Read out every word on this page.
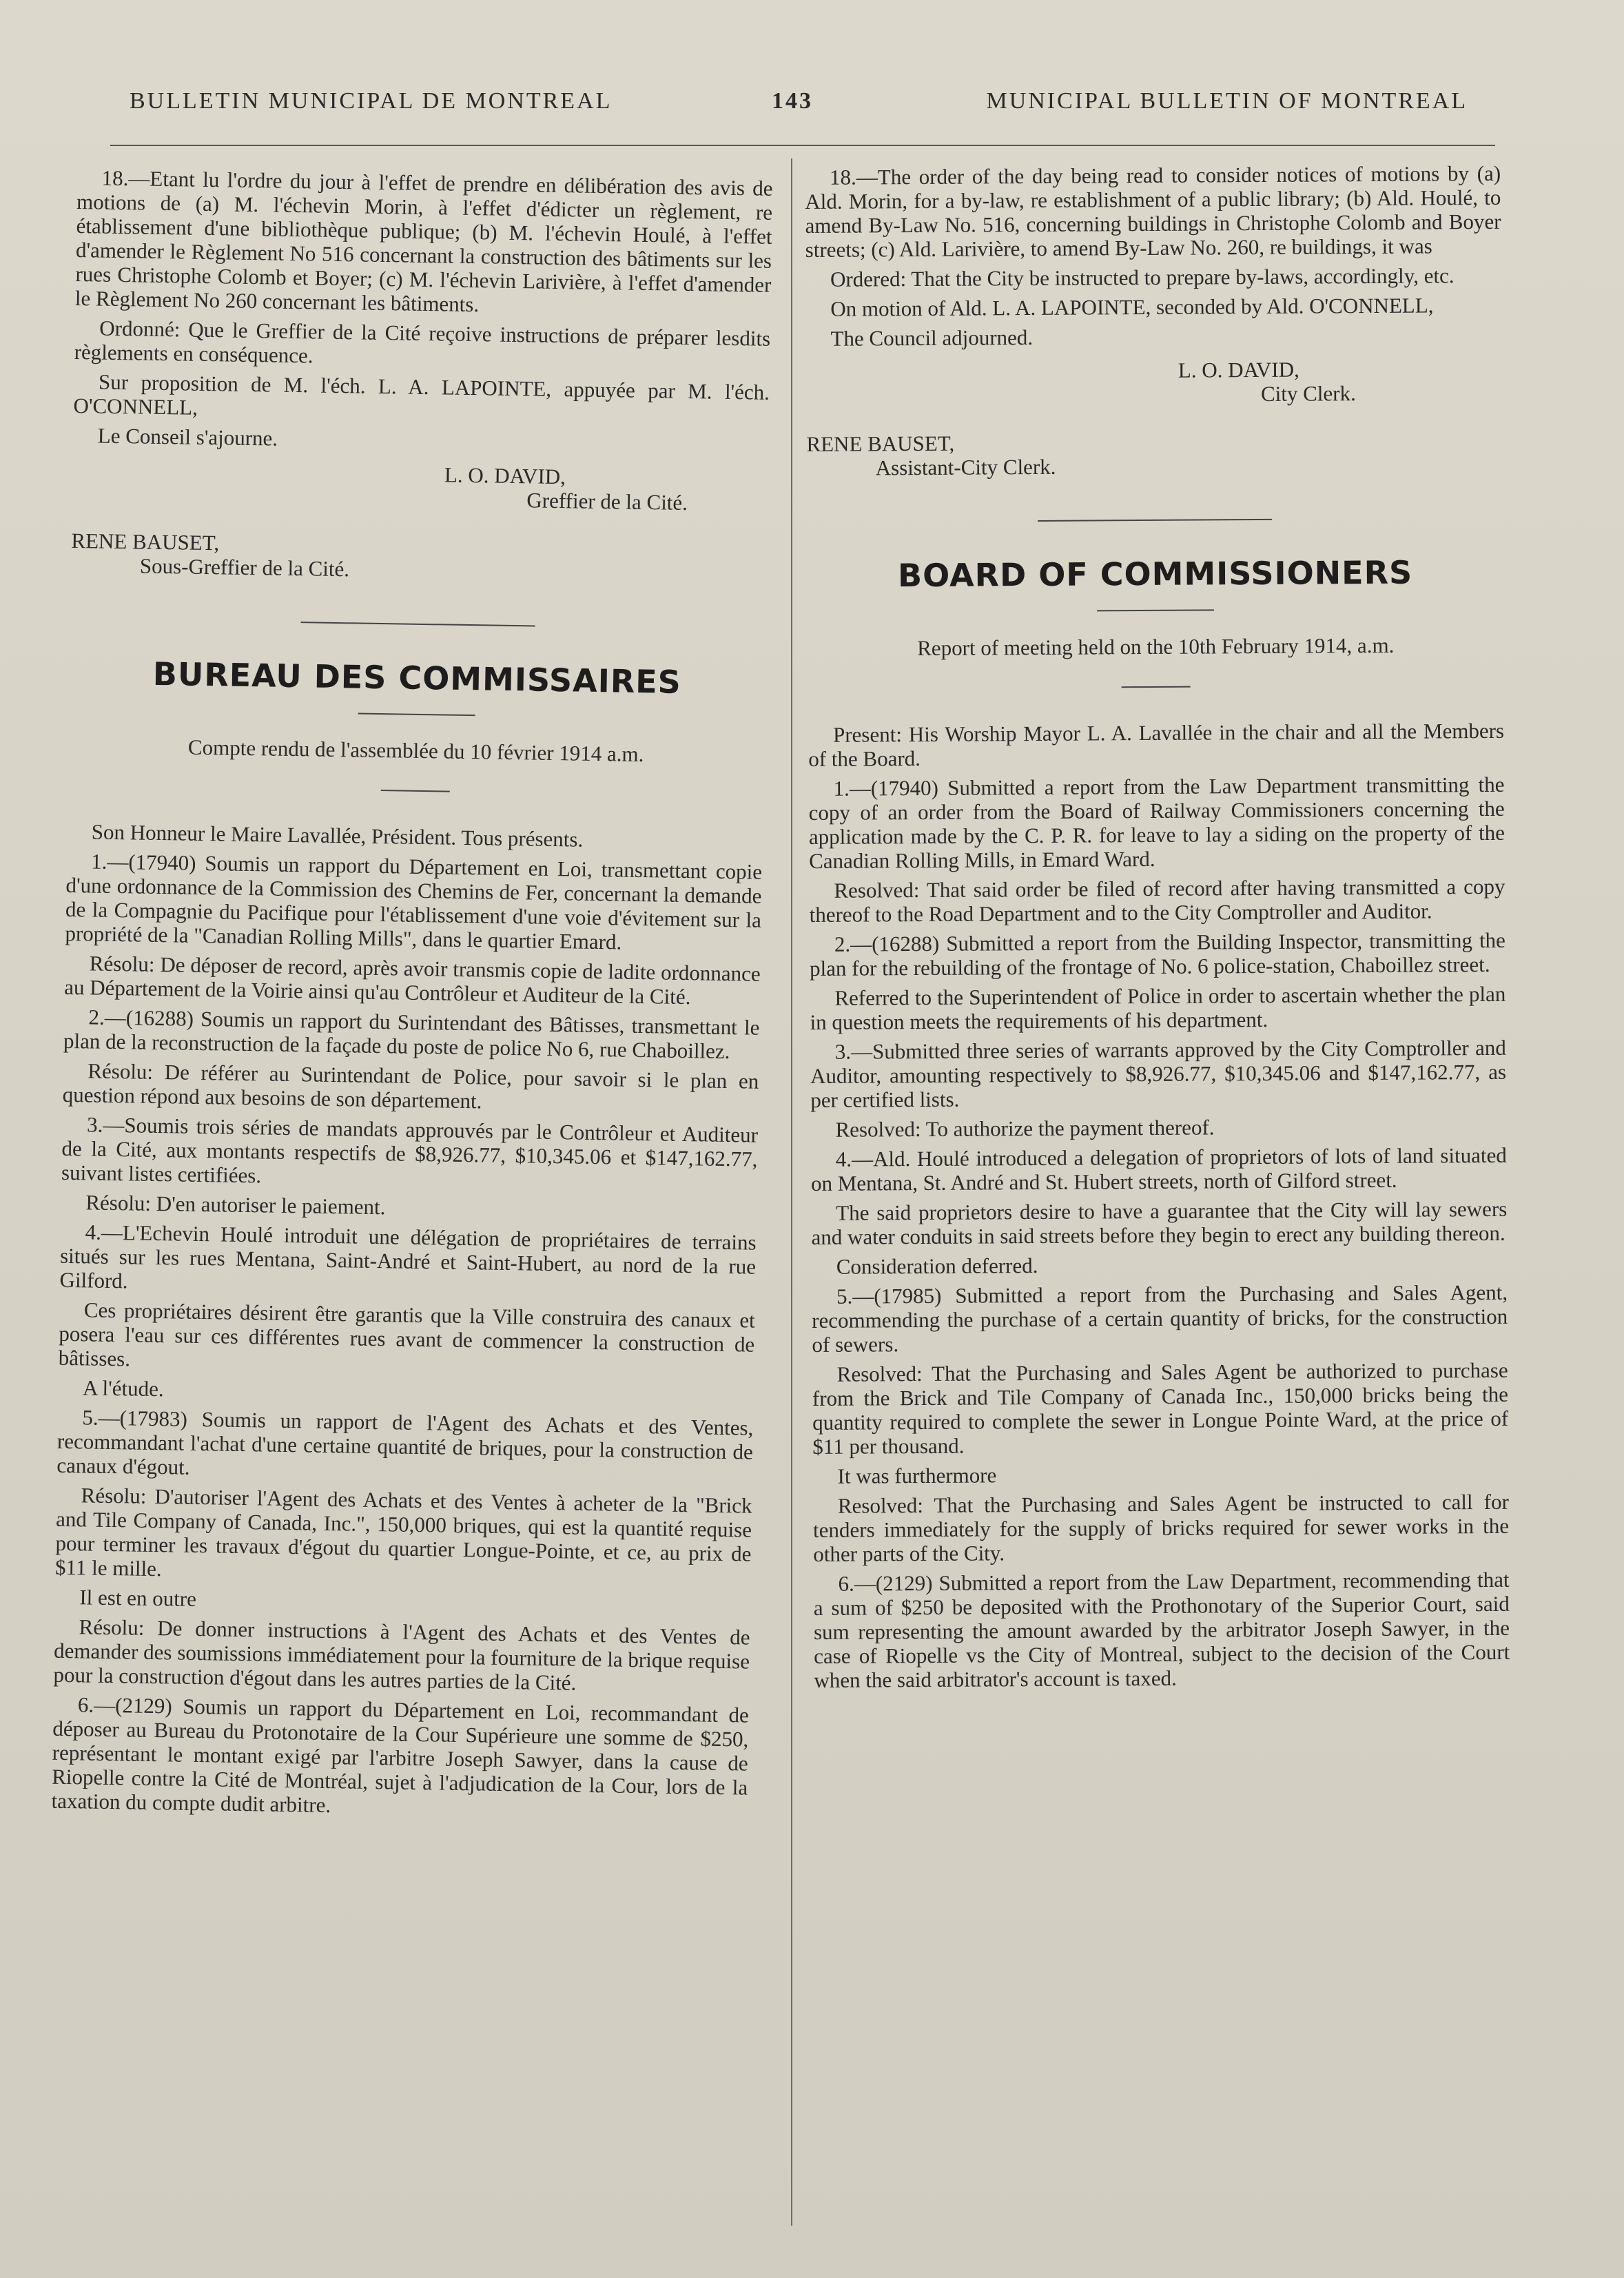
BULLETIN MUNICIPAL DE MONTREAL	143	MUNICIPAL BULLETIN OF MONTREAL

18.—Etant lu l'ordre du jour à l'effet de prendre en délibération des avis de motions de (a) M. l'échevin Morin, à l'effet d'édicter un règlement, re établissement d'une bibliothèque publique; (b) M. l'échevin Houlé, à l'effet d'amender le Règlement No 516 concernant la construction des bâtiments sur les rues Christophe Colomb et Boyer; (c) M. l'échevin Larivière, à l'effet d'amender le Règlement No 260 concernant les bâtiments.

Ordonné: Que le Greffier de la Cité reçoive instructions de préparer lesdits règlements en conséquence.

Sur proposition de M. l'éch. L. A. LAPOINTE, appuyée par M. l'éch. O'CONNELL,

Le Conseil s'ajourne.

L. O. DAVID,

Greffier de la Cité.

RENE BAUSET,

Sous-Greffier de la Cité.

BUREAU DES COMMISSAIRES

Compte rendu de l'assemblée du 10 février 1914 a.m.

Son Honneur le Maire Lavallée, Président. Tous présents.

1.—(17940) Soumis un rapport du Département en Loi, transmettant copie d'une ordonnance de la Commission des Chemins de Fer, concernant la demande de la Compagnie du Pacifique pour l'établissement d'une voie d'évitement sur la propriété de la "Canadian Rolling Mills", dans le quartier Emard.

Résolu: De déposer de record, après avoir transmis copie de ladite ordonnance au Département de la Voirie ainsi qu'au Contrôleur et Auditeur de la Cité.

2.—(16288) Soumis un rapport du Surintendant des Bâtisses, transmettant le plan de la reconstruction de la façade du poste de police No 6, rue Chaboillez.

Résolu: De référer au Surintendant de Police, pour savoir si le plan en question répond aux besoins de son département.

3.—Soumis trois séries de mandats approuvés par le Contrôleur et Auditeur de la Cité, aux montants respectifs de $8,926.77, $10,345.06 et $147,162.77, suivant listes certifiées.

Résolu: D'en autoriser le paiement.

4.—L'Echevin Houlé introduit une délégation de propriétaires de terrains situés sur les rues Mentana, Saint-André et Saint-Hubert, au nord de la rue Gilford.

Ces propriétaires désirent être garantis que la Ville construira des canaux et posera l'eau sur ces différentes rues avant de commencer la construction de bâtisses.

A l'étude.

5.—(17983) Soumis un rapport de l'Agent des Achats et des Ventes, recommandant l'achat d'une certaine quantité de briques, pour la construction de canaux d'égout.

Résolu: D'autoriser l'Agent des Achats et des Ventes à acheter de la "Brick and Tile Company of Canada, Inc.", 150,000 briques, qui est la quantité requise pour terminer les travaux d'égout du quartier Longue-Pointe, et ce, au prix de $11 le mille.

Il est en outre

Résolu: De donner instructions à l'Agent des Achats et des Ventes de demander des soumissions immédiatement pour la fourniture de la brique requise pour la construction d'égout dans les autres parties de la Cité.

6.—(2129) Soumis un rapport du Département en Loi, recommandant de déposer au Bureau du Protonotaire de la Cour Supérieure une somme de $250, représentant le montant exigé par l'arbitre Joseph Sawyer, dans la cause de Riopelle contre la Cité de Montréal, sujet à l'adjudication de la Cour, lors de la taxation du compte dudit arbitre.

18.—The order of the day being read to consider notices of motions by (a) Ald. Morin, for a by-law, re establishment of a public library; (b) Ald. Houlé, to amend By-Law No. 516, concerning buildings in Christophe Colomb and Boyer streets; (c) Ald. Larivière, to amend By-Law No. 260, re buildings, it was

Ordered: That the City be instructed to prepare by-laws, accordingly, etc.

On motion of Ald. L. A. LAPOINTE, seconded by Ald. O'CONNELL,

The Council adjourned.

L. O. DAVID,

City Clerk.

RENE BAUSET,

Assistant-City Clerk.

BOARD OF COMMISSIONERS

Report of meeting held on the 10th February 1914, a.m.

Present: His Worship Mayor L. A. Lavallée in the chair and all the Members of the Board.

1.—(17940) Submitted a report from the Law Department transmitting the copy of an order from the Board of Railway Commissioners concerning the application made by the C. P. R. for leave to lay a siding on the property of the Canadian Rolling Mills, in Emard Ward.

Resolved: That said order be filed of record after having transmitted a copy thereof to the Road Department and to the City Comptroller and Auditor.

2.—(16288) Submitted a report from the Building Inspector, transmitting the plan for the rebuilding of the frontage of No. 6 police-station, Chaboillez street.

Referred to the Superintendent of Police in order to ascertain whether the plan in question meets the requirements of his department.

3.—Submitted three series of warrants approved by the City Comptroller and Auditor, amounting respectively to $8,926.77, $10,345.06 and $147,162.77, as per certified lists.

Resolved: To authorize the payment thereof.

4.—Ald. Houlé introduced a delegation of proprietors of lots of land situated on Mentana, St. André and St. Hubert streets, north of Gilford street.

The said proprietors desire to have a guarantee that the City will lay sewers and water conduits in said streets before they begin to erect any building thereon.

Consideration deferred.

5.—(17985) Submitted a report from the Purchasing and Sales Agent, recommending the purchase of a certain quantity of bricks, for the construction of sewers.

Resolved: That the Purchasing and Sales Agent be authorized to purchase from the Brick and Tile Company of Canada Inc., 150,000 bricks being the quantity required to complete the sewer in Longue Pointe Ward, at the price of $11 per thousand.

It was furthermore

Resolved: That the Purchasing and Sales Agent be instructed to call for tenders immediately for the supply of bricks required for sewer works in the other parts of the City.

6.—(2129) Submitted a report from the Law Department, recommending that a sum of $250 be deposited with the Prothonotary of the Superior Court, said sum representing the amount awarded by the arbitrator Joseph Sawyer, in the case of Riopelle vs the City of Montreal, subject to the decision of the Court when the said arbitrator's account is taxed.
